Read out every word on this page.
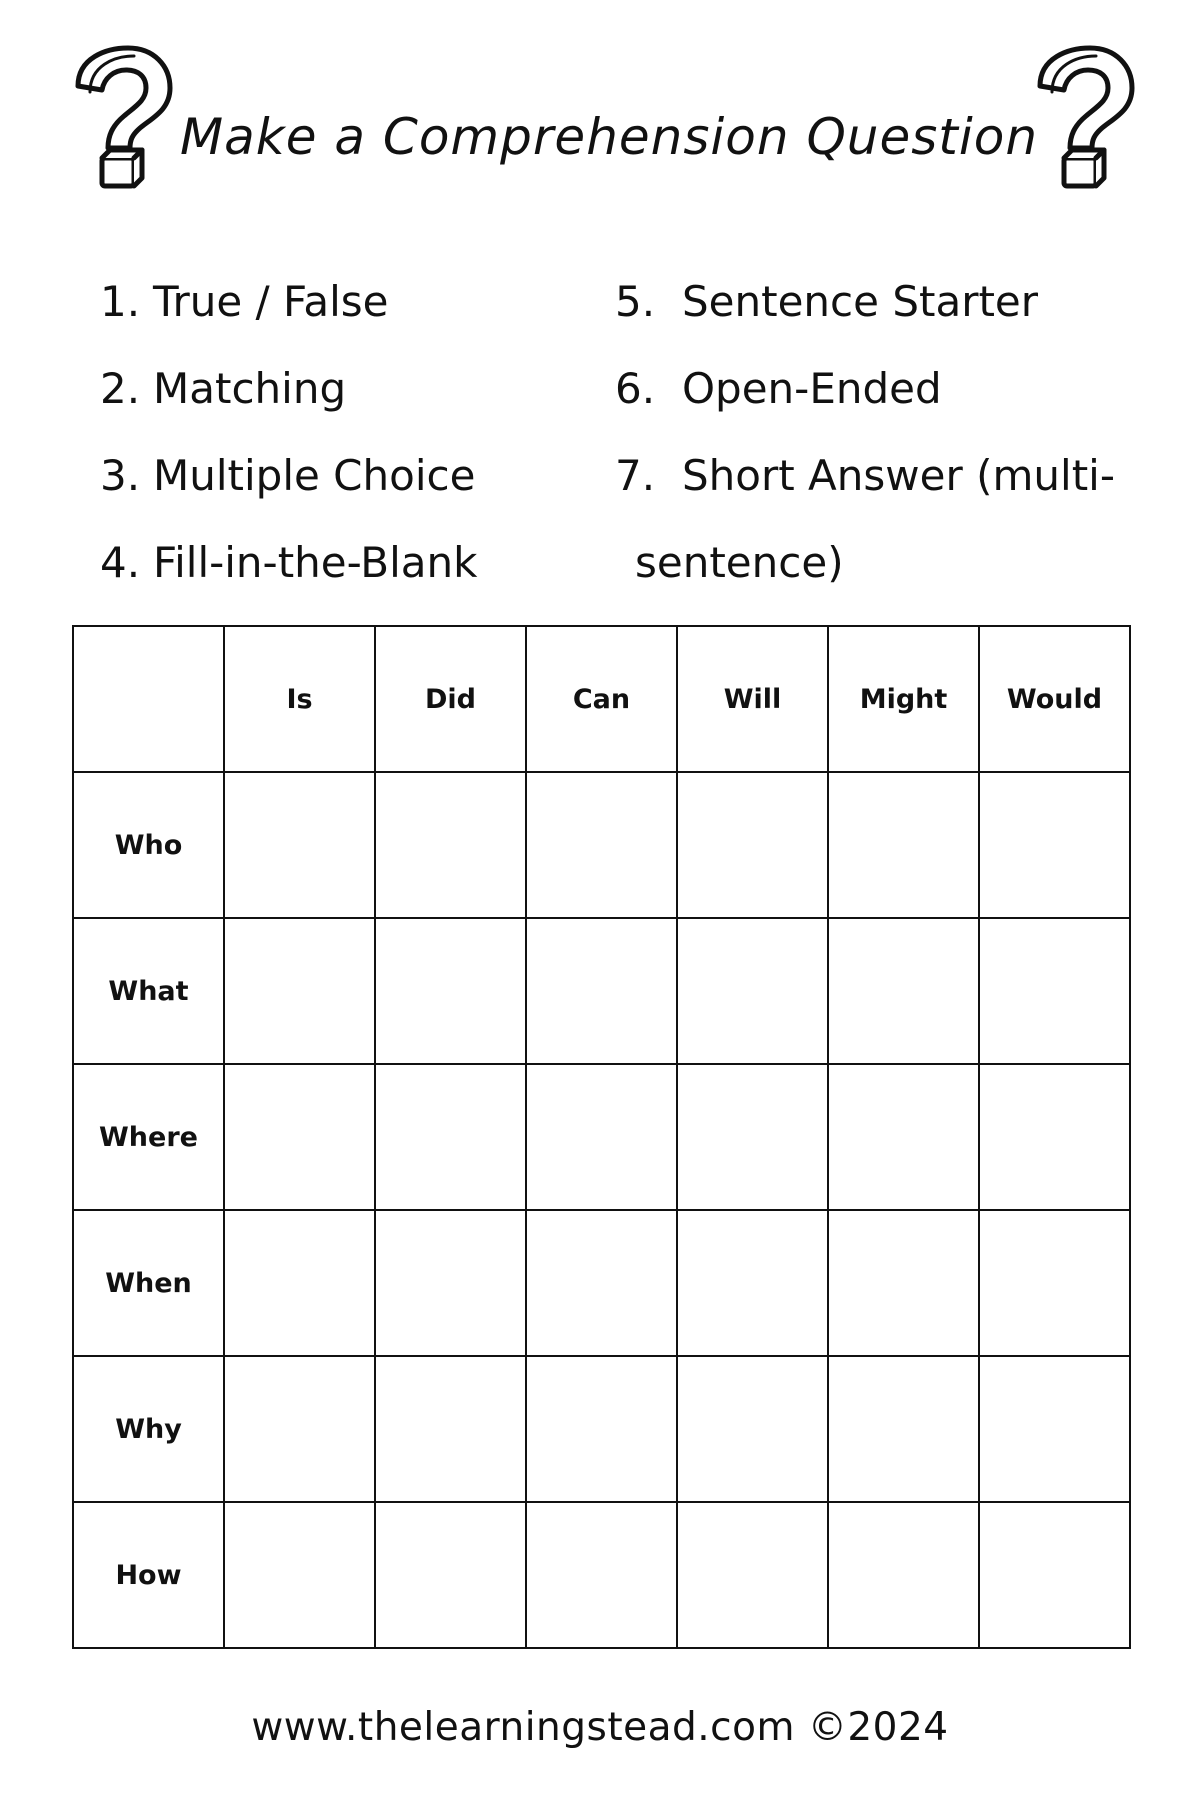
Make a Comprehension Question
1. True / False
2. Matching
3. Multiple Choice
4. Fill-in-the-Blank
5. Sentence Starter
6. Open-Ended
7. Short Answer (multi-
sentence)
	Is	Did	Can	Will	Might	Would
Who						
What						
Where						
When						
Why						
How						
www.thelearningstead.com ©2024
